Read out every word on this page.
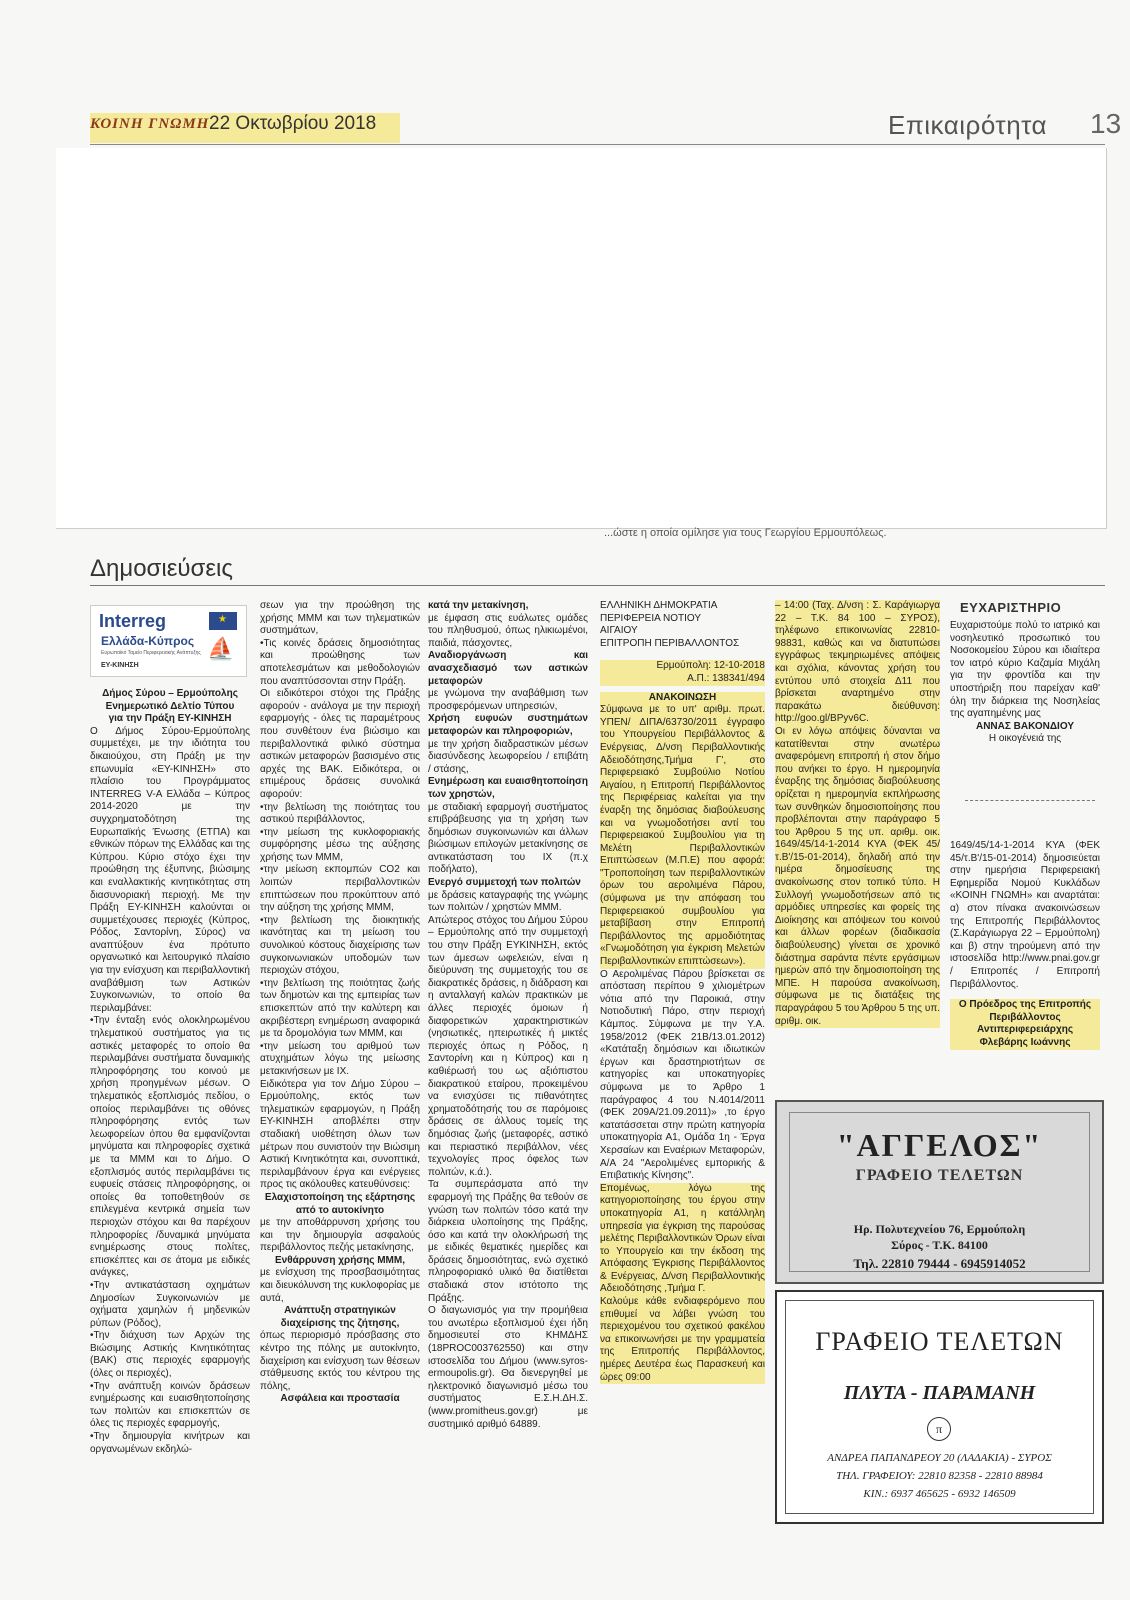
ΚΟΙΝΗ ΓΝΩΜΗ 22 Οκτωβρίου 2018	Επικαιρότητα 13
...ώστε η οποία ομίλησε για τους Γεωργίου Ερμουπόλεως.
Δημοσιεύσεις
Interreg
Ελλάδα-Κύπρος
Ευρωπαϊκό Ταμείο Περιφερειακής Ανάπτυξης
ΕΥ-ΚΙΝΗΣΗ
★
⛵

Δήμος Σύρου – Ερμούπολης

Ενημερωτικό Δελτίο Τύπου

για την Πράξη ΕΥ-ΚΙΝΗΣΗ

Ο Δήμος Σύρου-Ερμούπολης συμμετέχει, με την ιδιότητα του δικαιούχου, στη Πράξη με την επωνυμία «ΕΥ-ΚΙΝΗΣΗ» στο πλαίσιο του Προγράμματος INTERREG V-A Ελλάδα – Κύπρος 2014-2020 με την συγχρηματοδότηση της Ευρωπαϊκής Ένωσης (ΕΤΠΑ) και εθνικών πόρων της Ελλάδας και της Κύπρου. Κύριο στόχο έχει την προώθηση της έξυπνης, βιώσιμης και εναλλακτικής κινητικότητας στη διασυνοριακή περιοχή. Με την Πράξη ΕΥ-ΚΙΝΗΣΗ καλούνται οι συμμετέχουσες περιοχές (Κύπρος, Ρόδος, Σαντορίνη, Σύρος) να αναπτύξουν ένα πρότυπο οργανωτικό και λειτουργικό πλαίσιο για την ενίσχυση και περιβαλλοντική αναβάθμιση των Αστικών Συγκοινωνιών, το οποίο θα περιλαμβάνει:

•Την ένταξη ενός ολοκληρωμένου τηλεματικού συστήματος για τις αστικές μεταφορές το οποίο θα περιλαμβάνει συστήματα δυναμικής πληροφόρησης του κοινού με χρήση προηγμένων μέσων. Ο τηλεματικός εξοπλισμός πεδίου, ο οποίος περιλαμβάνει τις οθόνες πληροφόρησης εντός των λεωφορείων όπου θα εμφανίζονται μηνύματα και πληροφορίες σχετικά με τα ΜΜΜ και το Δήμο. Ο εξοπλισμός αυτός περιλαμβάνει τις ευφυείς στάσεις πληροφόρησης, οι οποίες θα τοποθετηθούν σε επιλεγμένα κεντρικά σημεία των περιοχών στόχου και θα παρέχουν πληροφορίες /δυναμικά μηνύματα ενημέρωσης στους πολίτες, επισκέπτες και σε άτομα με ειδικές ανάγκες,

•Την αντικατάσταση οχημάτων Δημοσίων Συγκοινωνιών με οχήματα χαμηλών ή μηδενικών ρύπων (Ρόδος),

•Την διάχυση των Αρχών της Βιώσιμης Αστικής Κινητικότητας (ΒΑΚ) στις περιοχές εφαρμογής (όλες οι περιοχές),

•Την ανάπτυξη κοινών δράσεων ενημέρωσης και ευαισθητοποίησης των πολιτών και επισκεπτών σε όλες τις περιοχές εφαρμογής,

•Την δημιουργία κινήτρων και οργανωμένων εκδηλώ-

σεων για την προώθηση της χρήσης ΜΜΜ και των τηλεματικών συστημάτων,

•Τις κοινές δράσεις δημοσιότητας και προώθησης των αποτελεσμάτων και μεθοδολογιών που αναπτύσσονται στην Πράξη.

Οι ειδικότεροι στόχοι της Πράξης αφορούν - ανάλογα με την περιοχή εφαρμογής - όλες τις παραμέτρους που συνθέτουν ένα βιώσιμο και περιβαλλοντικά φιλικό σύστημα αστικών μεταφορών βασισμένο στις αρχές της ΒΑΚ. Ειδικότερα, οι επιμέρους δράσεις συνολικά αφορούν:

•την βελτίωση της ποιότητας του αστικού περιβάλλοντος,

•την μείωση της κυκλοφοριακής συμφόρησης μέσω της αύξησης χρήσης των ΜΜΜ,

•την μείωση εκπομπών CO2 και λοιπών περιβαλλοντικών επιπτώσεων που προκύπτουν από την αύξηση της χρήσης ΜΜΜ,

•την βελτίωση της διοικητικής ικανότητας και τη μείωση του συνολικού κόστους διαχείρισης των συγκοινωνιακών υποδομών των περιοχών στόχου,

•την βελτίωση της ποιότητας ζωής των δημοτών και της εμπειρίας των επισκεπτών από την καλύτερη και ακριβέστερη ενημέρωση αναφορικά με τα δρομολόγια των ΜΜΜ, και

•την μείωση του αριθμού των ατυχημάτων λόγω της μείωσης μετακινήσεων με ΙΧ.

Ειδικότερα για τον Δήμο Σύρου – Ερμούπολης, εκτός των τηλεματικών εφαρμογών, η Πράξη ΕΥ-ΚΙΝΗΣΗ αποβλέπει στην σταδιακή υιοθέτηση όλων των μέτρων που συνιστούν την Βιώσιμη Αστική Κινητικότητα και, συνοπτικά, περιλαμβάνουν έργα και ενέργειες προς τις ακόλουθες κατευθύνσεις:

Ελαχιστοποίηση της εξάρτησης από το αυτοκίνητο

με την αποθάρρυνση χρήσης του και την δημιουργία ασφαλούς περιβάλλοντος πεζής μετακίνησης,

Ενθάρρυνση χρήσης ΜΜΜ,

με ενίσχυση της προσβασιμότητας και διευκόλυνση της κυκλοφορίας με αυτά,

Ανάπτυξη στρατηγικών διαχείρισης της ζήτησης,

όπως περιορισμό πρόσβασης στο κέντρο της πόλης με αυτοκίνητο, διαχείριση και ενίσχυση των θέσεων στάθμευσης εκτός του κέντρου της πόλης,

Ασφάλεια και προστασία

κατά την μετακίνηση,

με έμφαση στις ευάλωτες ομάδες του πληθυσμού, όπως ηλικιωμένοι, παιδιά, πάσχοντες,

Αναδιοργάνωση και ανασχεδιασμό των αστικών μεταφορών

με γνώμονα την αναβάθμιση των προσφερόμενων υπηρεσιών,

Χρήση ευφυών συστημάτων μεταφορών και πληροφοριών,

με την χρήση διαδραστικών μέσων διασύνδεσης λεωφορείου / επιβάτη / στάσης,

Ενημέρωση και ευαισθητοποίηση των χρηστών,

με σταδιακή εφαρμογή συστήματος επιβράβευσης για τη χρήση των δημόσιων συγκοινωνιών και άλλων βιώσιμων επιλογών μετακίνησης σε αντικατάσταση του ΙΧ (π.χ ποδήλατο),

Ενεργό συμμετοχή των πολιτών

με δράσεις καταγραφής της γνώμης των πολιτών / χρηστών ΜΜΜ.

Απώτερος στόχος του Δήμου Σύρου – Ερμούπολης από την συμμετοχή του στην Πράξη ΕΥΚΙΝΗΣΗ, εκτός των άμεσων ωφελειών, είναι η διεύρυνση της συμμετοχής του σε διακρατικές δράσεις, η διάδραση και η ανταλλαγή καλών πρακτικών με άλλες περιοχές όμοιων ή διαφορετικών χαρακτηριστικών (νησιωτικές, ηπειρωτικές ή μικτές περιοχές όπως η Ρόδος, η Σαντορίνη και η Κύπρος) και η καθιέρωσή του ως αξιόπιστου διακρατικού εταίρου, προκειμένου να ενισχύσει τις πιθανότητες χρηματοδότησής του σε παρόμοιες δράσεις σε άλλους τομείς της δημόσιας ζωής (μεταφορές, αστικό και περιαστικό περιβάλλον, νέες τεχνολογίες προς όφελος των πολιτών, κ.ά.).

Τα συμπεράσματα από την εφαρμογή της Πράξης θα τεθούν σε γνώση των πολιτών τόσο κατά την διάρκεια υλοποίησης της Πράξης, όσο και κατά την ολοκλήρωσή της με ειδικές θεματικές ημερίδες και δράσεις δημοσιότητας, ενώ σχετικό πληροφοριακό υλικό θα διατίθεται σταδιακά στον ιστότοπο της Πράξης.

Ο διαγωνισμός για την προμήθεια του ανωτέρω εξοπλισμού έχει ήδη δημοσιευτεί στο ΚΗΜΔΗΣ (18PROC003762550) και στην ιστοσελίδα του Δήμου (www.syros-ermoupolis.gr). Θα διενεργηθεί με ηλεκτρονικό διαγωνισμό μέσω του συστήματος Ε.Σ.Η.ΔΗ.Σ. (www.promitheus.gov.gr) με συστημικό αριθμό 64889.

ΕΛΛΗΝΙΚΗ ΔΗΜΟΚΡΑΤΙΑ

ΠΕΡΙΦΕΡΕΙΑ ΝΟΤΙΟΥ

ΑΙΓΑΙΟΥ

ΕΠΙΤΡΟΠΗ ΠΕΡΙΒΑΛΛΟΝΤΟΣ

Ερμούπολη: 12-10-2018

Α.Π.: 138341/494

ΑΝΑΚΟΙΝΩΣΗ

Σύμφωνα με το υπ' αριθμ. πρωτ. ΥΠΕΝ/ ΔΙΠΑ/63730/2011 έγγραφο του Υπουργείου Περιβάλλοντος & Ενέργειας, Δ/νση Περιβαλλοντικής Αδειοδότησης,Τμήμα Γ', στο Περιφερειακό Συμβούλιο Νοτίου Αιγαίου, η Επιτροπή Περιβάλλοντος της Περιφέρειας καλείται για την έναρξη της δημόσιας διαβούλευσης και να γνωμοδοτήσει αντί του Περιφερειακού Συμβουλίου για τη Μελέτη Περιβαλλοντικών Επιπτώσεων (Μ.Π.Ε) που αφορά: "Τροποποίηση των περιβαλλοντικών όρων του αερολιμένα Πάρου, (σύμφωνα με την απόφαση του Περιφερειακού συμβουλίου για μεταβίβαση στην Επιτροπή Περιβάλλοντος της αρμοδιότητας «Γνωμοδότηση για έγκριση Μελετών Περιβαλλοντικών επιπτώσεων»).

Ο Αερολιμένας Πάρου βρίσκεται σε απόσταση περίπου 9 χιλιομέτρων νότια από την Παροικιά, στην Νοτιοδυτική Πάρο, στην περιοχή Κάμπος. Σύμφωνα με την Υ.Α. 1958/2012 (ΦΕΚ 21Β/13.01.2012) «Κατάταξη δημόσιων και ιδιωτικών έργων και δραστηριοτήτων σε κατηγορίες και υποκατηγορίες σύμφωνα με το Άρθρο 1 παράγραφος 4 του Ν.4014/2011 (ΦΕΚ 209Α/21.09.2011)» ,το έργο κατατάσσεται στην πρώτη κατηγορία υποκατηγορία Α1, Ομάδα 1η - Έργα Χερσαίων και Εναέριων Μεταφορών, Α/Α 24 "Αερολιμένες εμπορικής & Επιβατικής Κίνησης".

Επομένως, λόγω της κατηγοριοποίησης του έργου στην υποκατηγορία Α1, η κατάλληλη υπηρεσία για έγκριση της παρούσας μελέτης Περιβαλλοντικών Όρων είναι το Υπουργείο και την έκδοση της Απόφασης Έγκρισης Περιβάλλοντος & Ενέργειας, Δ/νση Περιβαλλοντικής Αδειοδότησης ,Τμήμα Γ.

Καλούμε κάθε ενδιαφερόμενο που επιθυμεί να λάβει γνώση του περιεχομένου του σχετικού φακέλου να επικοινωνήσει με την γραμματεία της Επιτροπής Περιβάλλοντος, ημέρες Δευτέρα έως Παρασκευή και ώρες 09:00

– 14:00 (Ταχ. Δ/νση : Σ. Καράγιωργα 22 – Τ.Κ. 84 100 – ΣΥΡΟΣ), τηλέφωνο επικοινωνίας 22810-98831, καθώς και να διατυπώσει εγγράφως τεκμηριωμένες απόψεις και σχόλια, κάνοντας χρήση του εντύπου υπό στοιχεία Δ11 που βρίσκεται αναρτημένο στην παρακάτω διεύθυνση: http://goo.gl/BPyv6C.

Οι εν λόγω απόψεις δύνανται να κατατίθενται στην ανωτέρω αναφερόμενη επιτροπή ή στον δήμο που ανήκει το έργο. Η ημερομηνία έναρξης της δημόσιας διαβούλευσης ορίζεται η ημερομηνία εκπλήρωσης των συνθηκών δημοσιοποίησης που προβλέπονται στην παράγραφο 5 του Άρθρου 5 της υπ. αριθμ. οικ. 1649/45/14-1-2014 ΚΥΑ (ΦΕΚ 45/τ.Β'/15-01-2014), δηλαδή από την ημέρα δημοσίευσης της ανακοίνωσης στον τοπικό τύπο. Η Συλλογή γνωμοδοτήσεων από τις αρμόδιες υπηρεσίες και φορείς της Διοίκησης και απόψεων του κοινού και άλλων φορέων (διαδικασία διαβούλευσης) γίνεται σε χρονικό διάστημα σαράντα πέντε εργάσιμων ημερών από την δημοσιοποίηση της ΜΠΕ. Η παρούσα ανακοίνωση, σύμφωνα με τις διατάξεις της παραγράφου 5 του Άρθρου 5 της υπ. αριθμ. οικ.

ΕΥΧΑΡΙΣΤΗΡΙΟ

Ευχαριστούμε πολύ το ιατρικό και νοσηλευτικό προσωπικό του Νοσοκομείου Σύρου και ιδιαίτερα τον ιατρό κύριο Καζαμία Μιχάλη για την φροντίδα και την υποστήριξη που παρείχαν καθ' όλη την διάρκεια της Νοσηλείας της αγαπημένης μας

ΑΝΝΑΣ ΒΑΚΟΝΔΙΟΥ

Η οικογένειά της

1649/45/14-1-2014 ΚΥΑ (ΦΕΚ 45/τ.Β'/15-01-2014) δημοσιεύεται στην ημερήσια Περιφερειακή Εφημερίδα Νομού Κυκλάδων «ΚΟΙΝΗ ΓΝΩΜΗ» και αναρτάται: α) στον πίνακα ανακοινώσεων της Επιτροπής Περιβάλλοντος (Σ.Καράγιωργα 22 – Ερμούπολη) και β) στην τηρούμενη από την ιστοσελίδα http://www.pnai.gov.gr / Επιτροπές / Επιτροπή Περιβάλλοντος.

Ο Πρόεδρος της Επιτροπής

Περιβάλλοντος

Αντιπεριφερειάρχης

Φλεβάρης Ιωάννης

"ΑΓΓΕΛΟΣ"
ΓΡΑΦΕΙΟ ΤΕΛΕΤΩΝ
Ηρ. Πολυτεχνείου 76, Ερμούπολη
Σύρος - Τ.Κ. 84100
Τηλ. 22810 79444 - 6945914052
ΓΡΑΦΕΙΟ ΤΕΛΕΤΩΝ
ΠΛΥΤΑ - ΠΑΡΑΜΑΝΗ
π
ΑΝΔΡΕΑ ΠΑΠΑΝΔΡΕΟΥ 20 (ΛΑΔΑΚΙΑ) - ΣΥΡΟΣ
ΤΗΛ. ΓΡΑΦΕΙΟΥ: 22810 82358 - 22810 88984
ΚΙΝ.: 6937 465625 - 6932 146509
